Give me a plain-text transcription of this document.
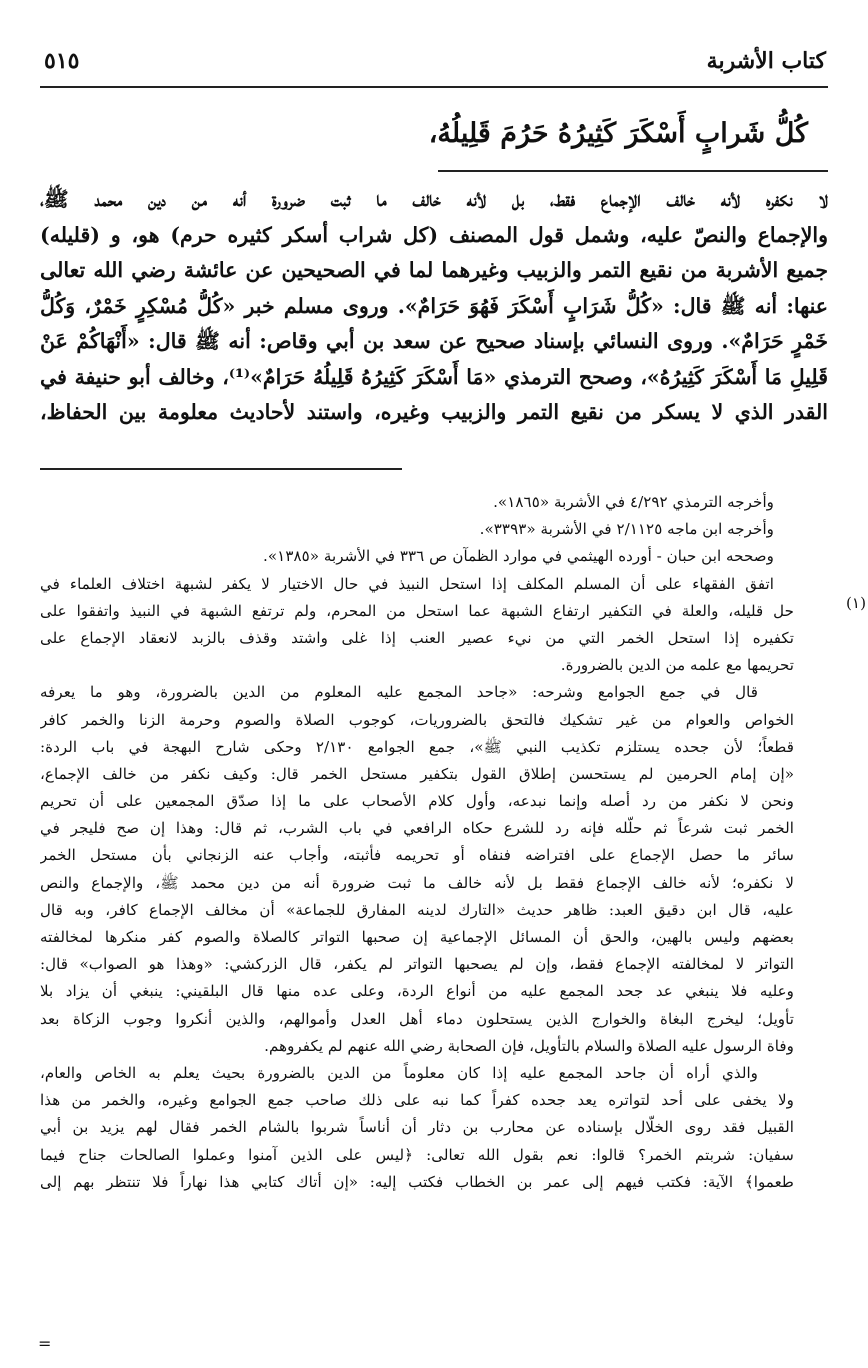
كتاب الأشربة
٥١٥
كُلُّ شَرابٍ أَسْكَرَ كَثِيرُهُ حَرُمَ قَلِيلُهُ،
لا نكفره لأنه خالف الإجماع فقط، بل لأنه خالف ما ثبت ضرورة أنه من دين محمد ﷺ،
والإجماع والنصّ عليه، وشمل قول المصنف (كل شراب أسكر كثيره حرم) هو، و (قليله)
جميع الأشربة من نقيع التمر والزبيب وغيرهما لما في الصحيحين عن عائشة رضي الله تعالى
عنها: أنه ﷺ قال: «كُلُّ شَرَابٍ أَسْكَرَ فَهُوَ حَرَامٌ». وروى مسلم خبر «كُلُّ مُسْكِرٍ خَمْرٌ، وَكُلُّ
خَمْرٍ حَرَامٌ». وروى النسائي بإسناد صحيح عن سعد بن أبي وقاص: أنه ﷺ قال: «أَنْهَاكُمْ عَنْ
قَلِيلِ مَا أَسْكَرَ كَثِيرُهُ»، وصحح الترمذي «مَا أَسْكَرَ كَثِيرُهُ قَلِيلُهُ حَرَامٌ»⁽¹⁾، وخالف أبو حنيفة في
القدر الذي لا يسكر من نقيع التمر والزبيب وغيره، واستند لأحاديث معلومة بين الحفاظ،
(١)
وأخرجه الترمذي ٤/٢٩٢ في الأشربة «١٨٦٥».
وأخرجه ابن ماجه ٢/١١٢٥ في الأشربة «٣٣٩٣».
وصححه ابن حبان - أورده الهيثمي في موارد الظمآن ص ٣٣٦ في الأشربة «١٣٨٥».
اتفق الفقهاء على أن المسلم المكلف إذا استحل النبيذ في حال الاختيار لا يكفر لشبهة اختلاف العلماء في
حل قليله، والعلة في التكفير ارتفاع الشبهة عما استحل من المحرم، ولم ترتفع الشبهة في النبيذ واتفقوا على
تكفيره إذا استحل الخمر التي من نيء عصير العنب إذا غلى واشتد وقذف بالزبد لانعقاد الإجماع على
تحريمها مع علمه من الدين بالضرورة.
قال في جمع الجوامع وشرحه: «جاحد المجمع عليه المعلوم من الدين بالضرورة، وهو ما يعرفه
الخواص والعوام من غير تشكيك فالتحق بالضروريات، كوجوب الصلاة والصوم وحرمة الزنا والخمر كافر
قطعاً؛ لأن جحده يستلزم تكذيب النبي ﷺ»، جمع الجوامع ٢/١٣٠ وحكى شارح البهجة في باب الردة:
«إن إمام الحرمين لم يستحسن إطلاق القول بتكفير مستحل الخمر قال: وكيف نكفر من خالف الإجماع،
ونحن لا نكفر من رد أصله وإنما نبدعه، وأول كلام الأصحاب على ما إذا صدّق المجمعين على أن تحريم
الخمر ثبت شرعاً ثم حلّله فإنه رد للشرع حكاه الرافعي في باب الشرب، ثم قال: وهذا إن صح فليجر في
سائر ما حصل الإجماع على افتراضه فنفاه أو تحريمه فأثبته، وأجاب عنه الزنجاني بأن مستحل الخمر
لا نكفره؛ لأنه خالف الإجماع فقط بل لأنه خالف ما ثبت ضرورة أنه من دين محمد ﷺ، والإجماع والنص
عليه، قال ابن دقيق العبد: ظاهر حديث «التارك لدينه المفارق للجماعة» أن مخالف الإجماع كافر، وبه قال
بعضهم وليس بالهين، والحق أن المسائل الإجماعية إن صحبها التواتر كالصلاة والصوم كفر منكرها لمخالفته
التواتر لا لمخالفته الإجماع فقط، وإن لم يصحبها التواتر لم يكفر، قال الزركشي: «وهذا هو الصواب» قال:
وعليه فلا ينبغي عد جحد المجمع عليه من أنواع الردة، وعلى عده منها قال البلقيني: ينبغي أن يزاد بلا
تأويل؛ ليخرج البغاة والخوارج الذين يستحلون دماء أهل العدل وأموالهم، والذين أنكروا وجوب الزكاة بعد
وفاة الرسول عليه الصلاة والسلام بالتأويل، فإن الصحابة رضي الله عنهم لم يكفروهم.
والذي أراه أن جاحد المجمع عليه إذا كان معلوماً من الدين بالضرورة بحيث يعلم به الخاص والعام،
ولا يخفى على أحد لتواتره يعد جحده كفراً كما نبه على ذلك صاحب جمع الجوامع وغيره، والخمر من هذا
القبيل فقد روى الخلّال بإسناده عن محارب بن دثار أن أناساً شربوا بالشام الخمر فقال لهم يزيد بن أبي
سفيان: شربتم الخمر؟ قالوا: نعم بقول الله تعالى: ﴿ليس على الذين آمنوا وعملوا الصالحات جناح فيما
طعموا﴾ الآية: فكتب فيهم إلى عمر بن الخطاب فكتب إليه: «إن أتاك كتابي هذا نهاراً فلا تنتظر بهم إلى
=
